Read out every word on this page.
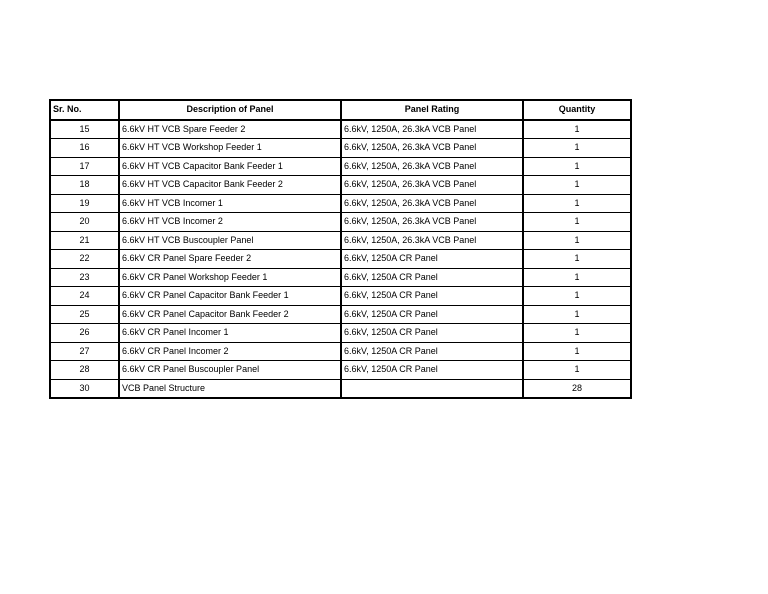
Sr. No.	Description of Panel	Panel Rating	Quantity
15	6.6kV HT VCB Spare Feeder 2	6.6kV, 1250A, 26.3kA VCB Panel	1
16	6.6kV HT VCB Workshop Feeder 1	6.6kV, 1250A, 26.3kA VCB Panel	1
17	6.6kV HT VCB Capacitor Bank Feeder 1	6.6kV, 1250A, 26.3kA VCB Panel	1
18	6.6kV HT VCB Capacitor Bank Feeder 2	6.6kV, 1250A, 26.3kA VCB Panel	1
19	6.6kV HT VCB Incomer 1	6.6kV, 1250A, 26.3kA VCB Panel	1
20	6.6kV HT VCB Incomer 2	6.6kV, 1250A, 26.3kA VCB Panel	1
21	6.6kV HT VCB Buscoupler Panel	6.6kV, 1250A, 26.3kA VCB Panel	1
22	6.6kV CR Panel Spare Feeder 2	6.6kV, 1250A CR Panel	1
23	6.6kV CR Panel Workshop Feeder 1	6.6kV, 1250A CR Panel	1
24	6.6kV CR Panel Capacitor Bank Feeder 1	6.6kV, 1250A CR Panel	1
25	6.6kV CR Panel Capacitor Bank Feeder 2	6.6kV, 1250A CR Panel	1
26	6.6kV CR Panel Incomer 1	6.6kV, 1250A CR Panel	1
27	6.6kV CR Panel Incomer 2	6.6kV, 1250A CR Panel	1
28	6.6kV CR Panel Buscoupler Panel	6.6kV, 1250A CR Panel	1
30	VCB Panel Structure		28
